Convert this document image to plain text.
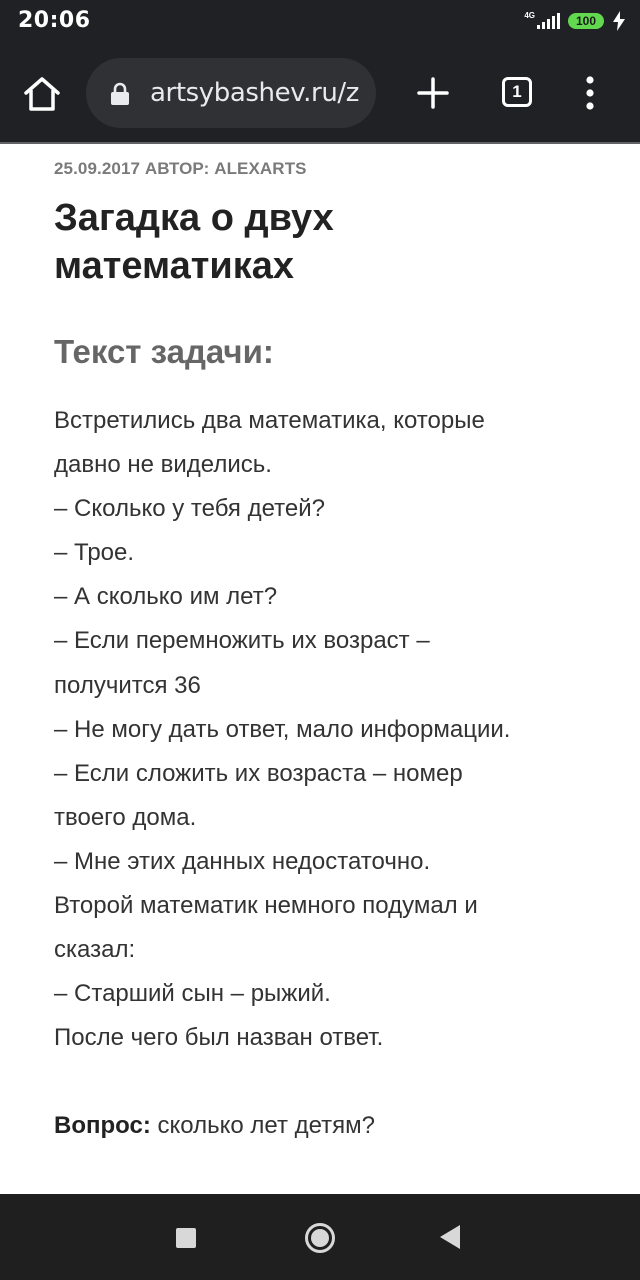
20:06	4G	100
artsybashev.ru/z	1
25.09.2017 АВТОР: ALEXARTS
Загадка о двух
математиках
Текст задачи:
Встретились два математика, которые
давно не виделись.
– Сколько у тебя детей?
– Трое.
– А сколько им лет?
– Если перемножить их возраст –
получится 36
– Не могу дать ответ, мало информации.
– Если сложить их возраста – номер
твоего дома.
– Мне этих данных недостаточно.
Второй математик немного подумал и
сказал:
– Старший сын – рыжий.
После чего был назван ответ.
Вопрос: сколько лет детям?
